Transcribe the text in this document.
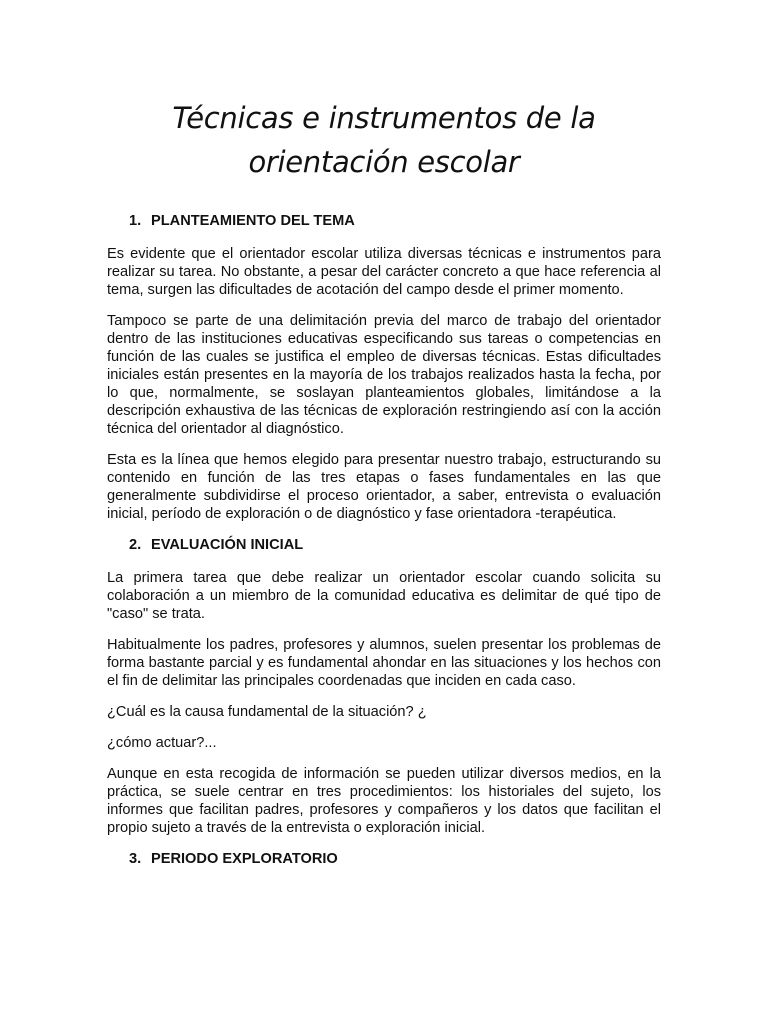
Técnicas e instrumentos de la
orientación escolar
1. PLANTEAMIENTO DEL TEMA

Es evidente que el orientador escolar utiliza diversas técnicas e instrumentos para realizar su tarea. No obstante, a pesar del carácter concreto a que hace referencia al tema, surgen las dificultades de acotación del campo desde el primer momento.

Tampoco se parte de una delimitación previa del marco de trabajo del orientador dentro de las instituciones educativas especificando sus tareas o competencias en función de las cuales se justifica el empleo de diversas técnicas. Estas dificultades iniciales están presentes en la mayoría de los trabajos realizados hasta la fecha, por lo que, normalmente, se soslayan planteamientos globales, limitándose a la descripción exhaustiva de las técnicas de exploración restringiendo así con la acción técnica del orientador al diagnóstico.

Esta es la línea que hemos elegido para presentar nuestro trabajo, estructurando su contenido en función de las tres etapas o fases fundamentales en las que generalmente subdividirse el proceso orientador, a saber, entrevista o evaluación inicial, período de exploración o de diagnóstico y fase orientadora -terapéutica.

2. EVALUACIÓN INICIAL

La primera tarea que debe realizar un orientador escolar cuando solicita su colaboración a un miembro de la comunidad educativa es delimitar de qué tipo de "caso" se trata.

Habitualmente los padres, profesores y alumnos, suelen presentar los problemas de forma bastante parcial y es fundamental ahondar en las situaciones y los hechos con el fin de delimitar las principales coordenadas que inciden en cada caso.

¿Cuál es la causa fundamental de la situación? ¿

¿cómo actuar?...

Aunque en esta recogida de información se pueden utilizar diversos medios, en la práctica, se suele centrar en tres procedimientos: los historiales del sujeto, los informes que facilitan padres, profesores y compañeros y los datos que facilitan el propio sujeto a través de la entrevista o exploración inicial.

3. PERIODO EXPLORATORIO
